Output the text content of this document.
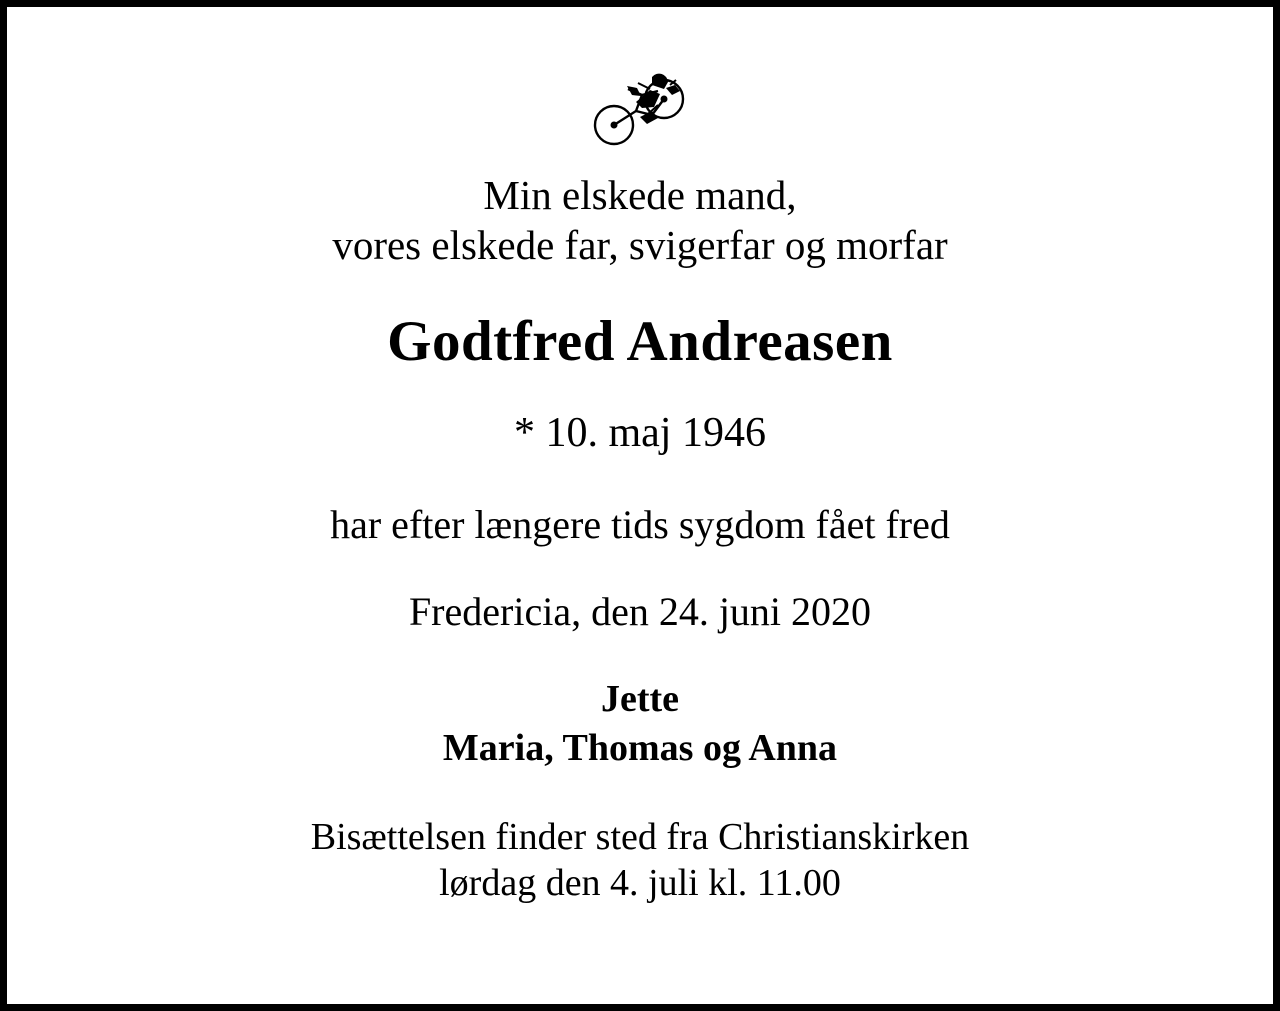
Min elskede mand,
vores elskede far, svigerfar og morfar
Godtfred Andreasen
* 10. maj 1946
har efter længere tids sygdom fået fred
Fredericia, den 24. juni 2020
Jette
Maria, Thomas og Anna
Bisættelsen finder sted fra Christianskirken
lørdag den 4. juli kl. 11.00
